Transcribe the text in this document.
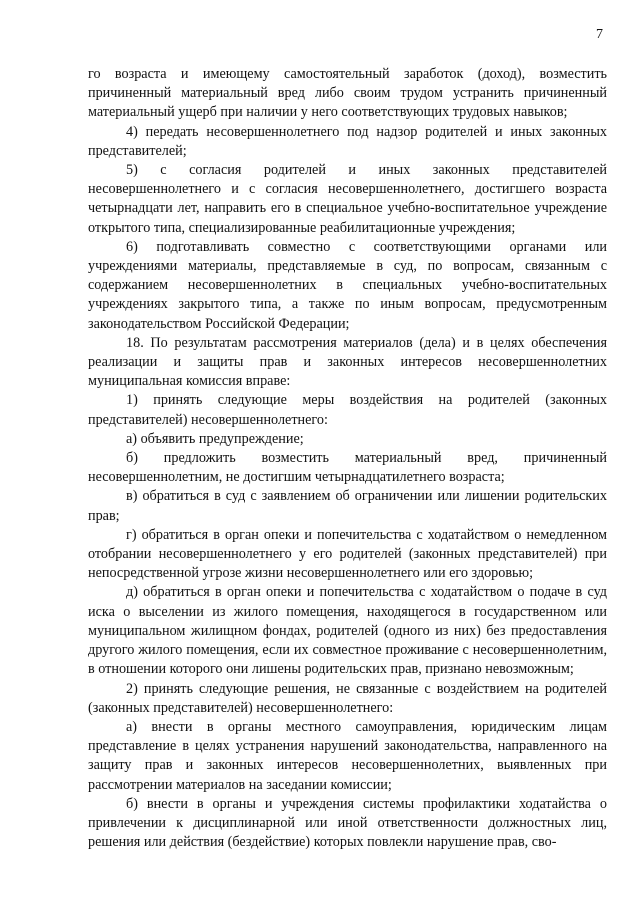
7

го возраста и имеющему самостоятельный заработок (доход), возместить причиненный материальный вред либо своим трудом устранить причиненный материальный ущерб при наличии у него соответствующих трудовых навыков;

4) передать несовершеннолетнего под надзор родителей и иных законных представителей;

5) с согласия родителей и иных законных представителей несовершеннолетнего и с согласия несовершеннолетнего, достигшего возраста четырнадцати лет, направить его в специальное учебно-воспитательное учреждение открытого типа, специализированные реабилитационные учреждения;

6) подготавливать совместно с соответствующими органами или учреждениями материалы, представляемые в суд, по вопросам, связанным с содержанием несовершеннолетних в специальных учебно-воспитательных учреждениях закрытого типа, а также по иным вопросам, предусмотренным законодательством Российской Федерации;

18. По результатам рассмотрения материалов (дела) и в целях обеспечения реализации и защиты прав и законных интересов несовершеннолетних муниципальная комиссия вправе:

1) принять следующие меры воздействия на родителей (законных представителей) несовершеннолетнего:

а) объявить предупреждение;

б) предложить возместить материальный вред, причиненный несовершеннолетним, не достигшим четырнадцатилетнего возраста;

в) обратиться в суд с заявлением об ограничении или лишении родительских прав;

г) обратиться в орган опеки и попечительства с ходатайством о немедленном отобрании несовершеннолетнего у его родителей (законных представителей) при непосредственной угрозе жизни несовершеннолетнего или его здоровью;

д) обратиться в орган опеки и попечительства с ходатайством о подаче в суд иска о выселении из жилого помещения, находящегося в государственном или муниципальном жилищном фондах, родителей (одного из них) без предоставления другого жилого помещения, если их совместное проживание с несовершеннолетним, в отношении которого они лишены родительских прав, признано невозможным;

2) принять следующие решения, не связанные с воздействием на родителей (законных представителей) несовершеннолетнего:

а) внести в органы местного самоуправления, юридическим лицам представление в целях устранения нарушений законодательства, направленного на защиту прав и законных интересов несовершеннолетних, выявленных при рассмотрении материалов на заседании комиссии;

б) внести в органы и учреждения системы профилактики ходатайства о привлечении к дисциплинарной или иной ответственности должностных лиц, решения или действия (бездействие) которых повлекли нарушение прав, сво-
